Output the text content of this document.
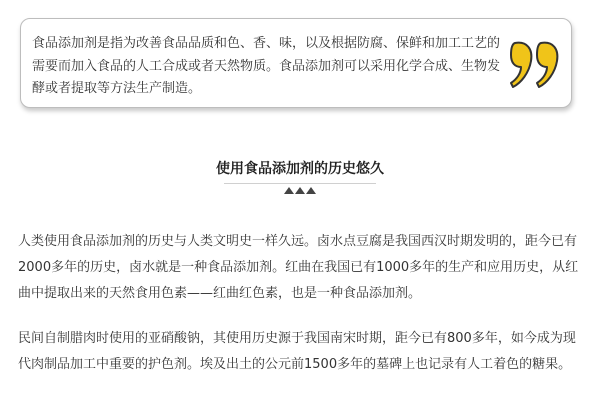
食品添加剂是指为改善食品品质和色、香、味，以及根据防腐、保鲜和加工工艺的需要而加入食品的人工合成或者天然物质。食品添加剂可以采用化学合成、生物发酵或者提取等方法生产制造。

使用食品添加剂的历史悠久

人类使用食品添加剂的历史与人类文明史一样久远。卤水点豆腐是我国西汉时期发明的，距今已有2000多年的历史，卤水就是一种食品添加剂。红曲在我国已有1000多年的生产和应用历史，从红曲中提取出来的天然食用色素——红曲红色素，也是一种食品添加剂。

民间自制腊肉时使用的亚硝酸钠，其使用历史源于我国南宋时期，距今已有800多年，如今成为现代肉制品加工中重要的护色剂。埃及出土的公元前1500多年的墓碑上也记录有人工着色的糖果。
